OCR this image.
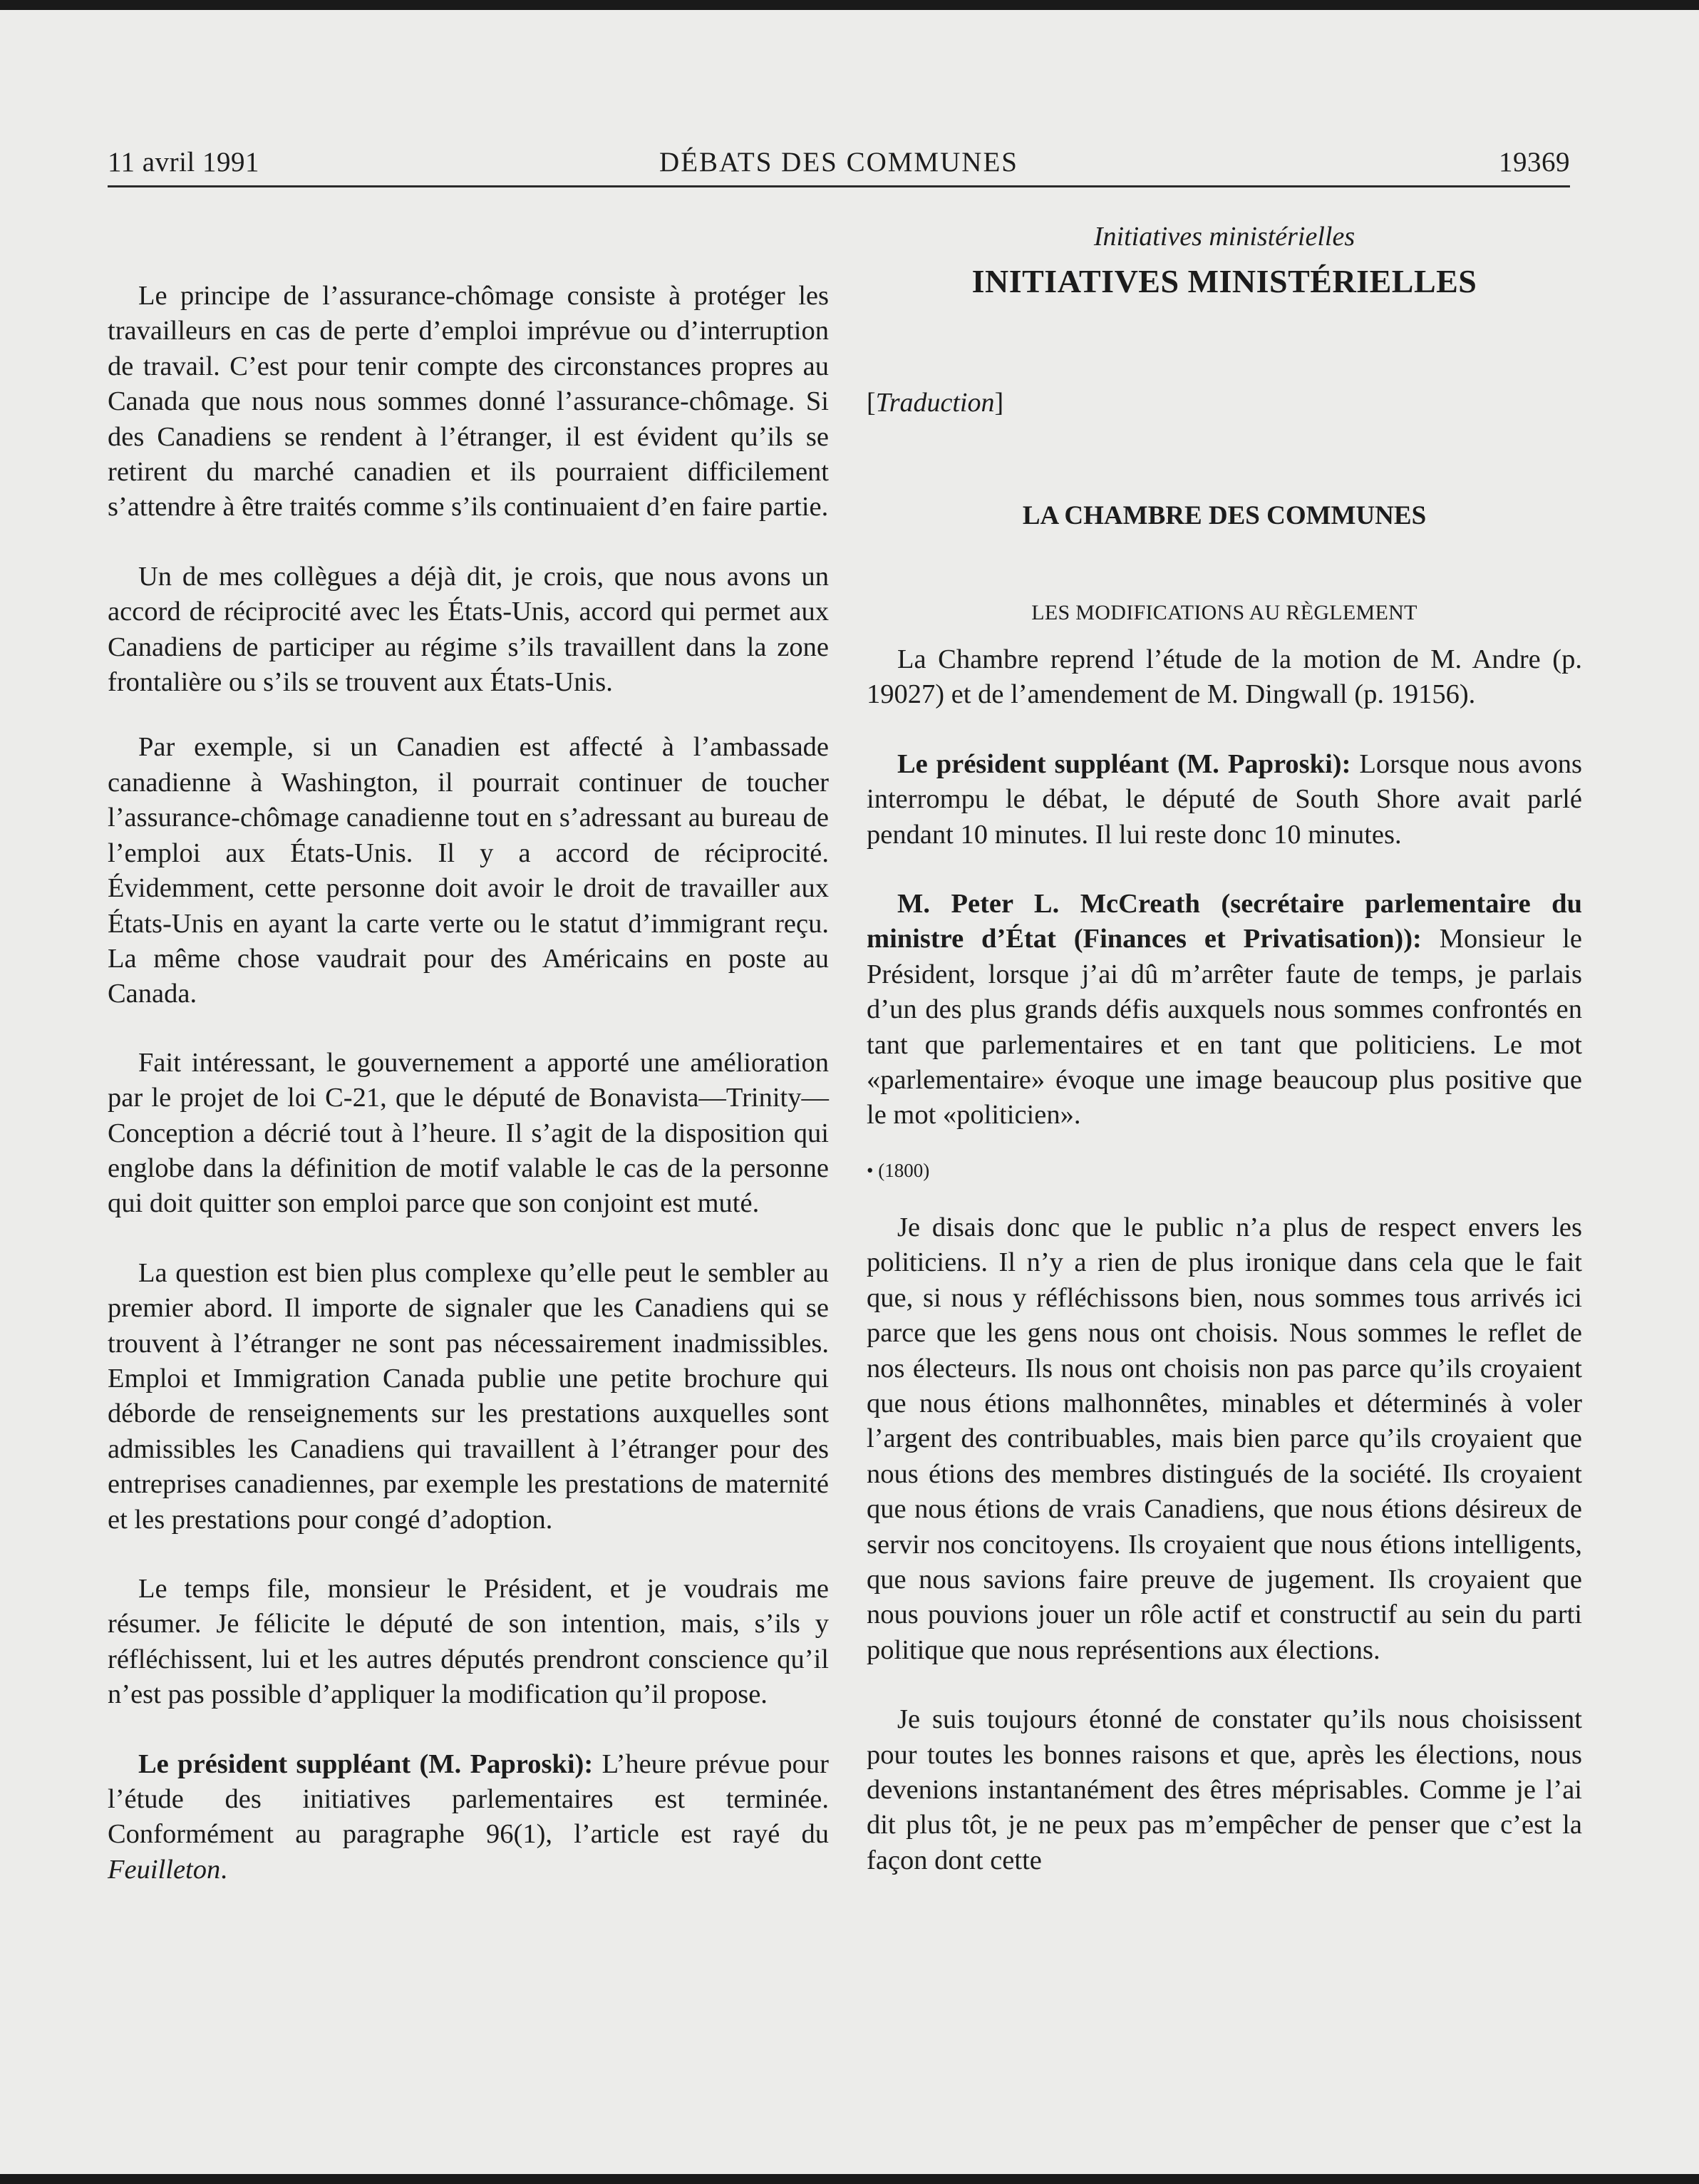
11 avril 1991	DÉBATS DES COMMUNES	19369

Le principe de l’assurance-chômage consiste à protéger les travailleurs en cas de perte d’emploi imprévue ou d’interruption de travail. C’est pour tenir compte des circonstances propres au Canada que nous nous sommes donné l’assurance-chômage. Si des Canadiens se rendent à l’étranger, il est évident qu’ils se retirent du marché canadien et ils pourraient difficilement s’attendre à être traités comme s’ils continuaient d’en faire partie.

Un de mes collègues a déjà dit, je crois, que nous avons un accord de réciprocité avec les États-Unis, accord qui permet aux Canadiens de participer au régime s’ils travaillent dans la zone frontalière ou s’ils se trouvent aux États-Unis.

Par exemple, si un Canadien est affecté à l’ambassade canadienne à Washington, il pourrait continuer de toucher l’assurance-chômage canadienne tout en s’adressant au bureau de l’emploi aux États-Unis. Il y a accord de réciprocité. Évidemment, cette personne doit avoir le droit de travailler aux États-Unis en ayant la carte verte ou le statut d’immigrant reçu. La même chose vaudrait pour des Américains en poste au Canada.

Fait intéressant, le gouvernement a apporté une amélioration par le projet de loi C-21, que le député de Bonavista—Trinity—Conception a décrié tout à l’heure. Il s’agit de la disposition qui englobe dans la définition de motif valable le cas de la personne qui doit quitter son emploi parce que son conjoint est muté.

La question est bien plus complexe qu’elle peut le sembler au premier abord. Il importe de signaler que les Canadiens qui se trouvent à l’étranger ne sont pas nécessairement inadmissibles. Emploi et Immigration Canada publie une petite brochure qui déborde de renseignements sur les prestations auxquelles sont admissibles les Canadiens qui travaillent à l’étranger pour des entreprises canadiennes, par exemple les prestations de maternité et les prestations pour congé d’adoption.

Le temps file, monsieur le Président, et je voudrais me résumer. Je félicite le député de son intention, mais, s’ils y réfléchissent, lui et les autres députés prendront conscience qu’il n’est pas possible d’appliquer la modification qu’il propose.

Le président suppléant (M. Paproski): L’heure prévue pour l’étude des initiatives parlementaires est terminée. Conformément au paragraphe 96(1), l’article est rayé du Feuilleton.

Initiatives ministérielles

INITIATIVES MINISTÉRIELLES

[Traduction]

LA CHAMBRE DES COMMUNES

LES MODIFICATIONS AU RÈGLEMENT

La Chambre reprend l’étude de la motion de M. Andre (p. 19027) et de l’amendement de M. Dingwall (p. 19156).

Le président suppléant (M. Paproski): Lorsque nous avons interrompu le débat, le député de South Shore avait parlé pendant 10 minutes. Il lui reste donc 10 minutes.

M. Peter L. McCreath (secrétaire parlementaire du ministre d’État (Finances et Privatisation)): Monsieur le Président, lorsque j’ai dû m’arrêter faute de temps, je parlais d’un des plus grands défis auxquels nous sommes confrontés en tant que parlementaires et en tant que politiciens. Le mot «parlementaire» évoque une image beaucoup plus positive que le mot «politicien».

• (1800)

Je disais donc que le public n’a plus de respect envers les politiciens. Il n’y a rien de plus ironique dans cela que le fait que, si nous y réfléchissons bien, nous sommes tous arrivés ici parce que les gens nous ont choisis. Nous sommes le reflet de nos électeurs. Ils nous ont choisis non pas parce qu’ils croyaient que nous étions malhonnêtes, minables et déterminés à voler l’argent des contribuables, mais bien parce qu’ils croyaient que nous étions des membres distingués de la société. Ils croyaient que nous étions de vrais Canadiens, que nous étions désireux de servir nos concitoyens. Ils croyaient que nous étions intelligents, que nous savions faire preuve de jugement. Ils croyaient que nous pouvions jouer un rôle actif et constructif au sein du parti politique que nous représentions aux élections.

Je suis toujours étonné de constater qu’ils nous choisissent pour toutes les bonnes raisons et que, après les élections, nous devenions instantanément des êtres méprisables. Comme je l’ai dit plus tôt, je ne peux pas m’empêcher de penser que c’est la façon dont cette
